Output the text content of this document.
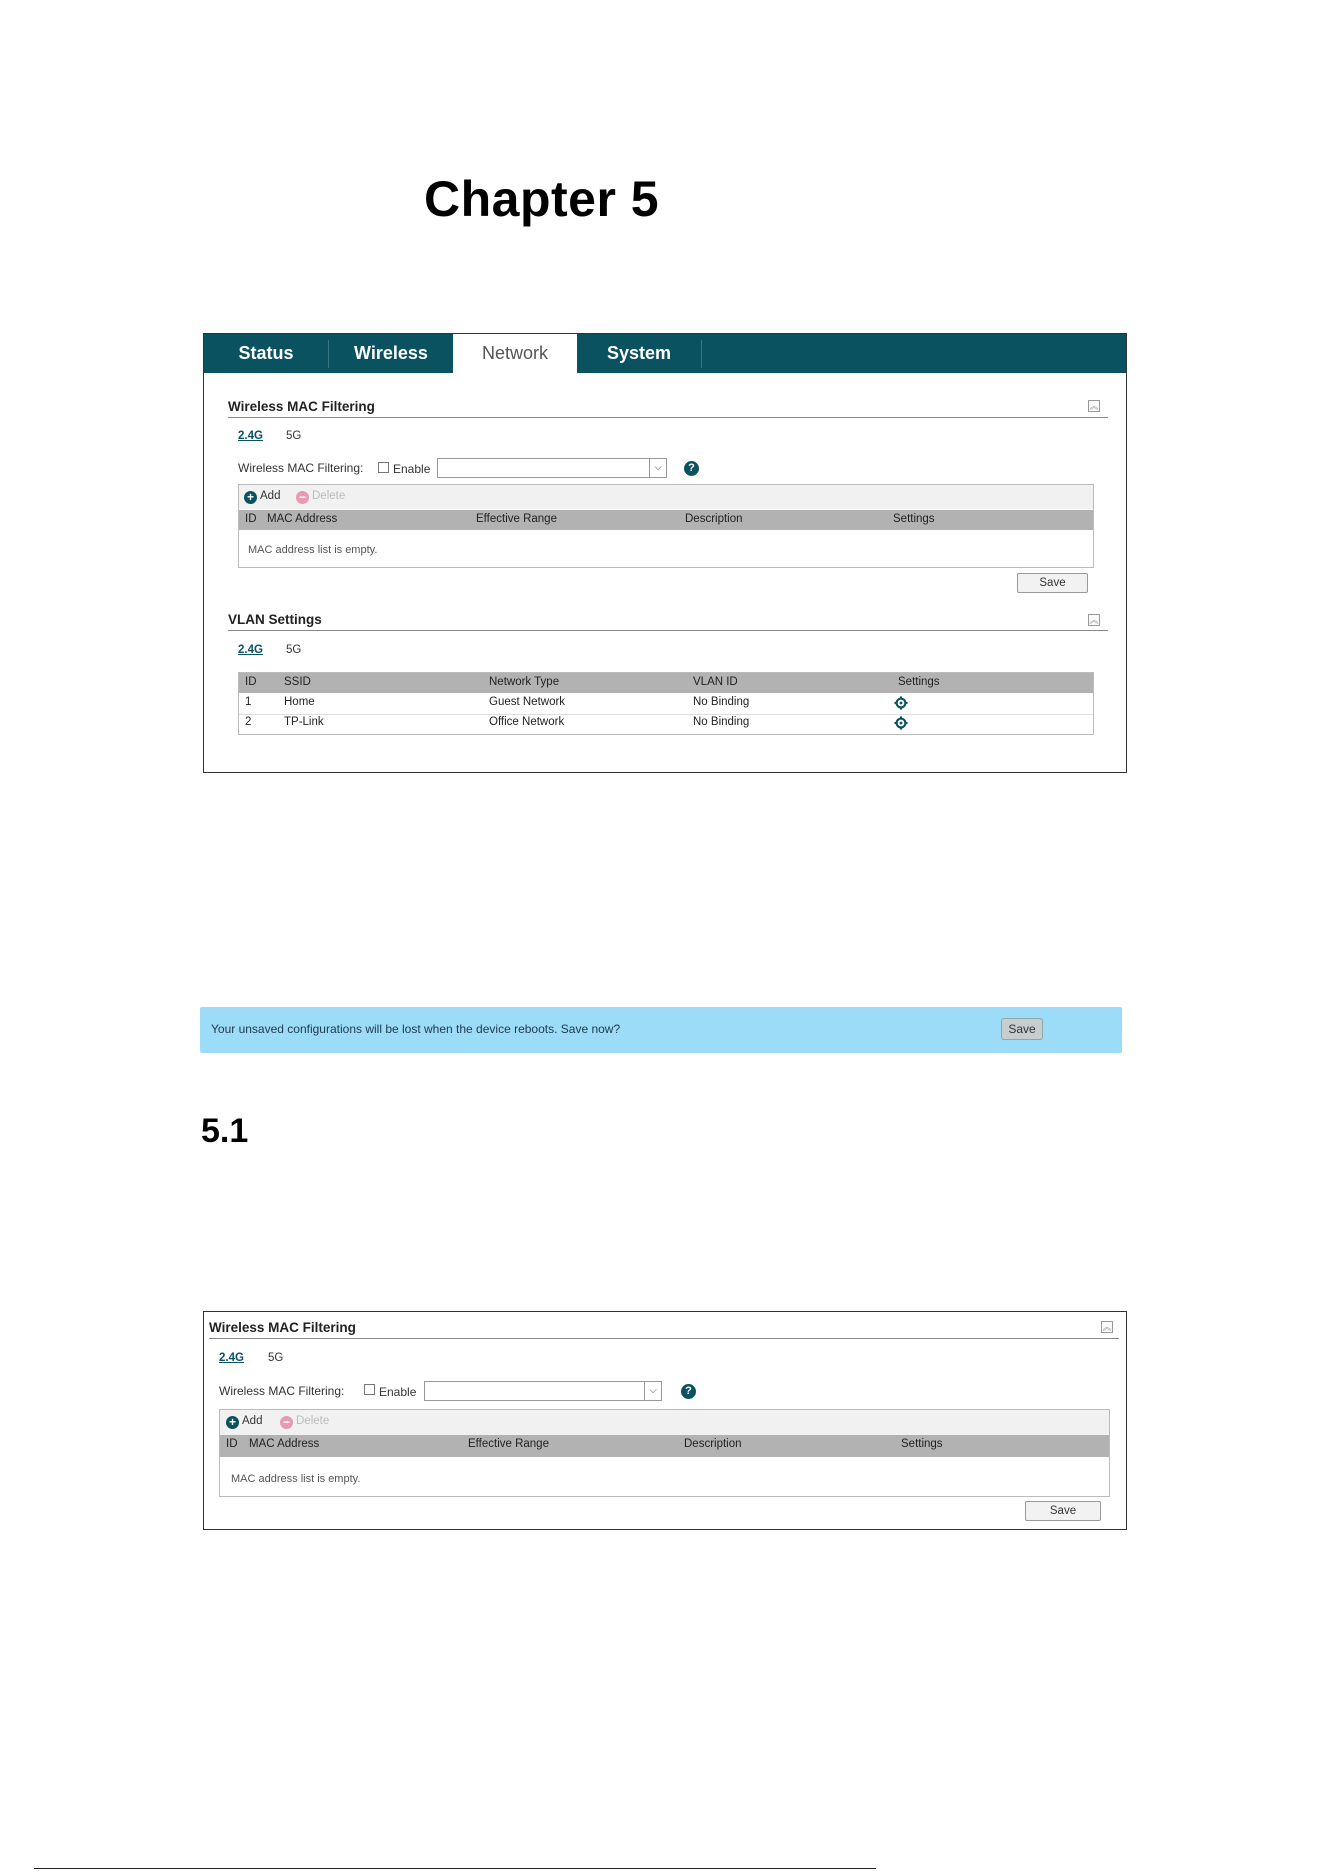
Chapter 5
Status	Wireless	Network	System
Wireless MAC Filtering	︽
2.4G 5G
Wireless MAC Filtering: Enable	⌵	?
+ Add − Delete
ID MAC Address	Effective Range	Description	Settings
MAC address list is empty.
Save
VLAN Settings	︽
2.4G 5G
ID SSID	Network Type	VLAN ID	Settings
1	Home	Guest Network	No Binding
2	TP-Link	Office Network	No Binding
Your unsaved configurations will be lost when the device reboots. Save now?	Save
5.1
Wireless MAC Filtering	︽
2.4G 5G
Wireless MAC Filtering:	Enable	⌵	?
+ Add − Delete
ID MAC Address	Effective Range	Description	Settings
MAC address list is empty.
Save
